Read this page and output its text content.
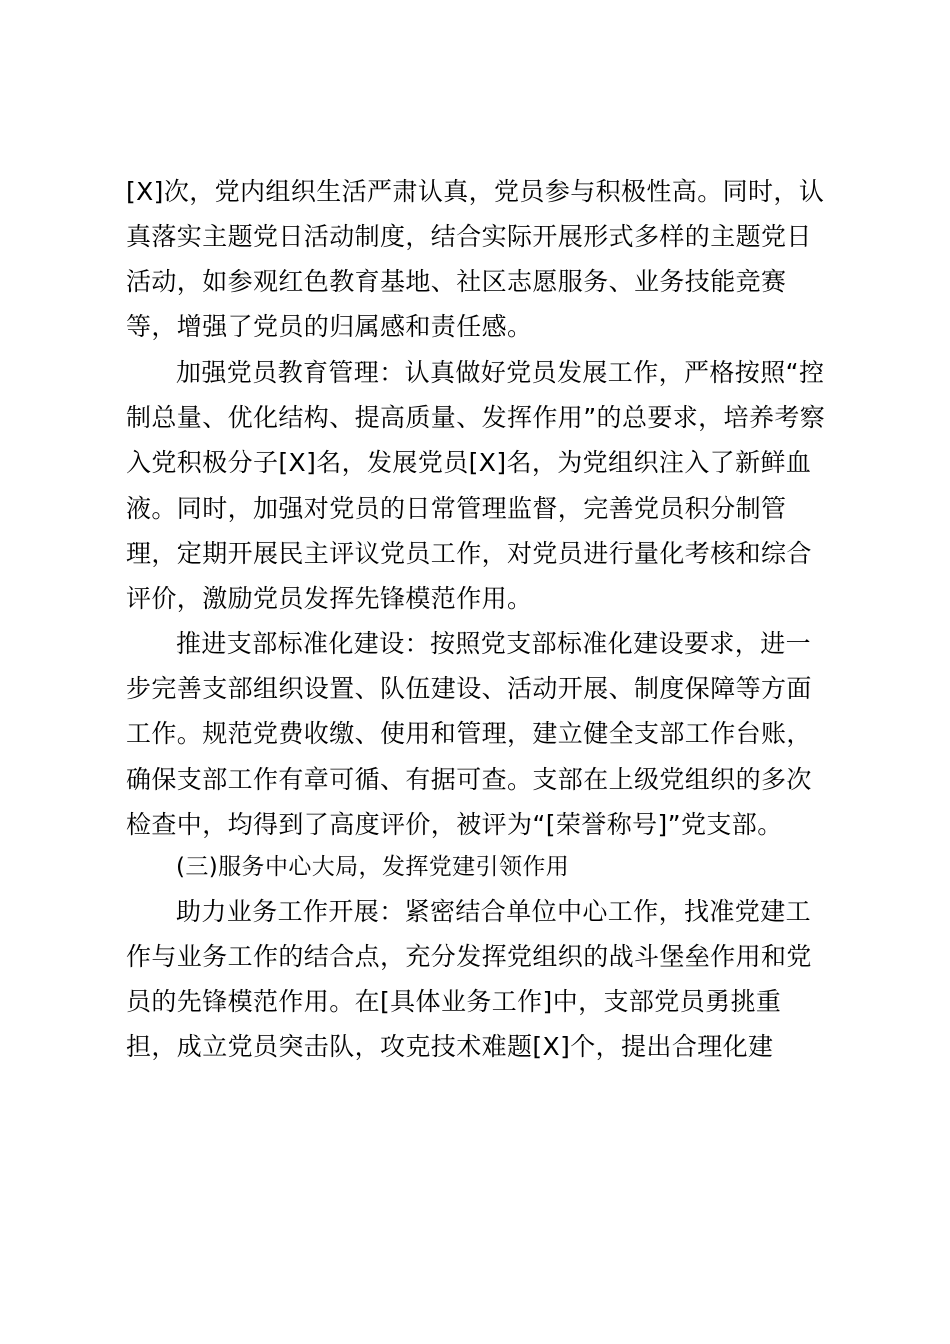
[X]次，党内组织生活严肃认真，党员参与积极性高。同时，认
真落实主题党日活动制度，结合实际开展形式多样的主题党日
活动，如参观红色教育基地、社区志愿服务、业务技能竞赛
等，增强了党员的归属感和责任感。
加强党员教育管理：认真做好党员发展工作，严格按照“控
制总量、优化结构、提高质量、发挥作用”的总要求，培养考察
入党积极分子[X]名，发展党员[X]名，为党组织注入了新鲜血
液。同时，加强对党员的日常管理监督，完善党员积分制管
理，定期开展民主评议党员工作，对党员进行量化考核和综合
评价，激励党员发挥先锋模范作用。
推进支部标准化建设：按照党支部标准化建设要求，进一
步完善支部组织设置、队伍建设、活动开展、制度保障等方面
工作。规范党费收缴、使用和管理，建立健全支部工作台账，
确保支部工作有章可循、有据可查。支部在上级党组织的多次
检查中，均得到了高度评价，被评为“[荣誉称号]”党支部。
(三)服务中心大局，发挥党建引领作用
助力业务工作开展：紧密结合单位中心工作，找准党建工
作与业务工作的结合点，充分发挥党组织的战斗堡垒作用和党
员的先锋模范作用。在[具体业务工作]中，支部党员勇挑重
担，成立党员突击队，攻克技术难题[X]个，提出合理化建
